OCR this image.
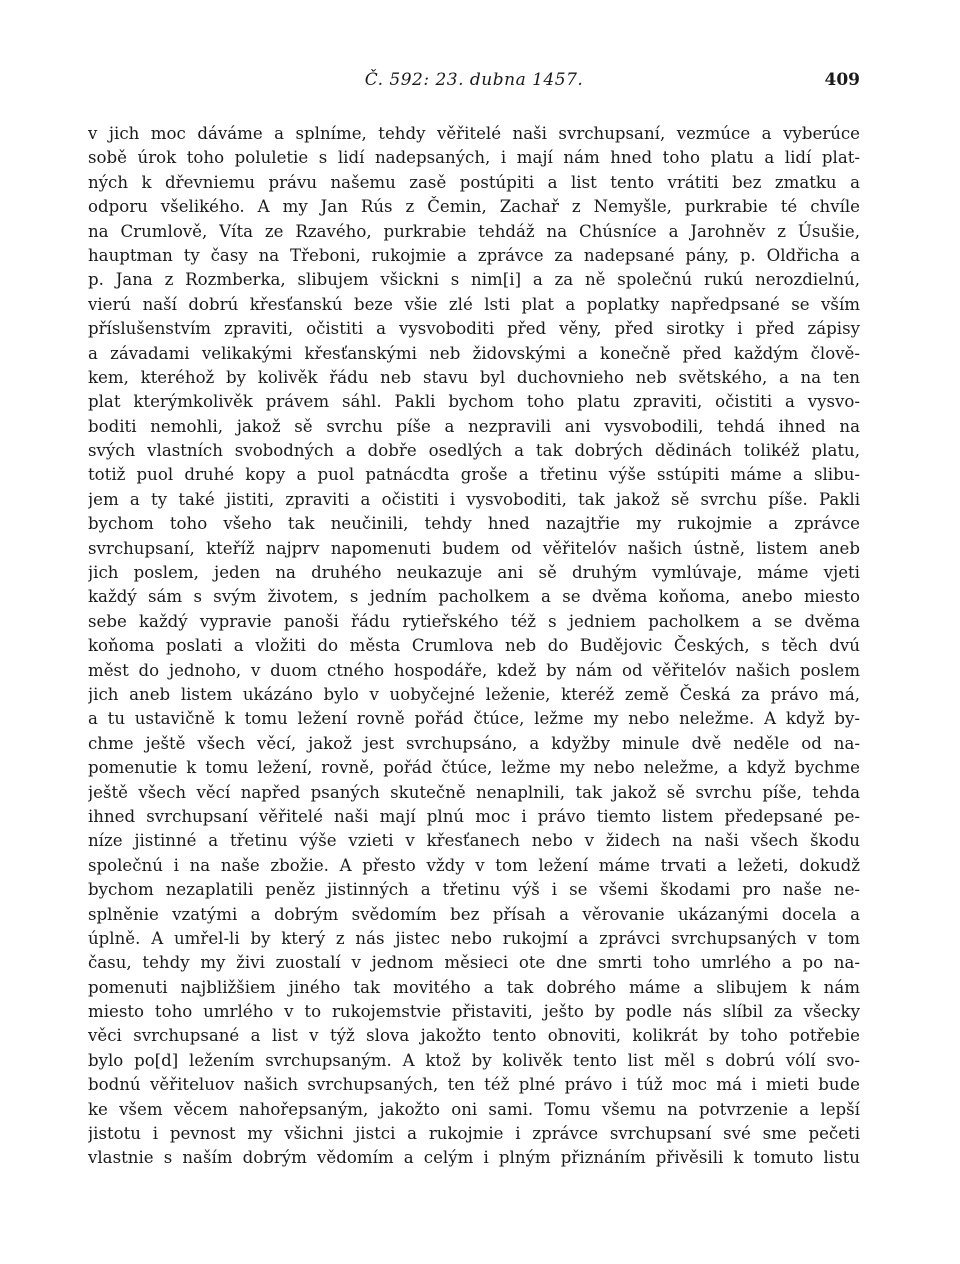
Č. 592: 23. dubna 1457.	409
v jich moc dáváme a splníme, tehdy věřitelé naši svrchupsaní, vezmúce a vyberúce
sobě úrok toho poluletie s lidí nadepsaných, i mají nám hned toho platu a lidí plat-
ných k dřevniemu právu našemu zasě postúpiti a list tento vrátiti bez zmatku a
odporu všelikého. A my Jan Rús z Čemin, Zachař z Nemyšle, purkrabie té chvíle
na Crumlově, Víta ze Rzavého, purkrabie tehdáž na Chúsníce a Jarohněv z Úsušie,
hauptman ty časy na Třeboni, rukojmie a zprávce za nadepsané pány, p. Oldřicha a
p. Jana z Rozmberka, slibujem všickni s nim[i] a za ně společnú rukú nerozdielnú,
vierú naší dobrú křesťanskú beze všie zlé lsti plat a poplatky napředpsané se vším
příslušenstvím zpraviti, očistiti a vysvoboditi před věny, před sirotky i před zápisy
a závadami velikakými křesťanskými neb židovskými a konečně před každým člově-
kem, kteréhož by kolivěk řádu neb stavu byl duchovnieho neb světského, a na ten
plat kterýmkolivěk právem sáhl. Pakli bychom toho platu zpraviti, očistiti a vysvo-
boditi nemohli, jakož sě svrchu píše a nezpravili ani vysvobodili, tehdá ihned na
svých vlastních svobodných a dobře osedlých a tak dobrých dědinách tolikéž platu,
totiž puol druhé kopy a puol patnácdta groše a třetinu výše sstúpiti máme a slibu-
jem a ty také jistiti, zpraviti a očistiti i vysvoboditi, tak jakož sě svrchu píše. Pakli
bychom toho všeho tak neučinili, tehdy hned nazajtřie my rukojmie a zprávce
svrchupsaní, kteříž najprv napomenuti budem od věřitelóv našich ústně, listem aneb
jich poslem, jeden na druhého neukazuje ani sě druhým vymlúvaje, máme vjeti
každý sám s svým životem, s jedním pacholkem a se dvěma koňoma, anebo miesto
sebe každý vypravie panoši řádu rytieřského též s jedniem pacholkem a se dvěma
koňoma poslati a vložiti do města Crumlova neb do Budějovic Českých, s těch dvú
měst do jednoho, v duom ctného hospodáře, kdež by nám od věřitelóv našich poslem
jich aneb listem ukázáno bylo v uobyčejné leženie, kteréž země Česká za právo má,
a tu ustavičně k tomu ležení rovně pořád čtúce, ležme my nebo neležme. A když by-
chme ještě všech věcí, jakož jest svrchupsáno, a kdyžby minule dvě neděle od na-
pomenutie k tomu ležení, rovně, pořád čtúce, ležme my nebo neležme, a když bychme
ještě všech věcí napřed psaných skutečně nenaplnili, tak jakož sě svrchu píše, tehda
ihned svrchupsaní věřitelé naši mají plnú moc i právo tiemto listem předepsané pe-
níze jistinné a třetinu výše vzieti v křesťanech nebo v židech na naši všech škodu
společnú i na naše zbožie. A přesto vždy v tom ležení máme trvati a ležeti, dokudž
bychom nezaplatili peněz jistinných a třetinu výš i se všemi škodami pro naše ne-
splněnie vzatými a dobrým svědomím bez přísah a věrovanie ukázanými docela a
úplně. A umřel-li by který z nás jistec nebo rukojmí a zprávci svrchupsaných v tom
času, tehdy my živi zuostalí v jednom měsieci ote dne smrti toho umrlého a po na-
pomenuti najbližšiem jiného tak movitého a tak dobrého máme a slibujem k nám
miesto toho umrlého v to rukojemstvie přistaviti, ješto by podle nás slíbil za všecky
věci svrchupsané a list v týž slova jakožto tento obnoviti, kolikrát by toho potřebie
bylo po[d] ležením svrchupsaným. A ktož by kolivěk tento list měl s dobrú vólí svo-
bodnú věřiteluov našich svrchupsaných, ten též plné právo i túž moc má i mieti bude
ke všem věcem nahořepsaným, jakožto oni sami. Tomu všemu na potvrzenie a lepší
jistotu i pevnost my všichni jistci a rukojmie i zprávce svrchupsaní své sme pečeti
vlastnie s naším dobrým vědomím a celým i plným přiznáním přivěsili k tomuto listu
